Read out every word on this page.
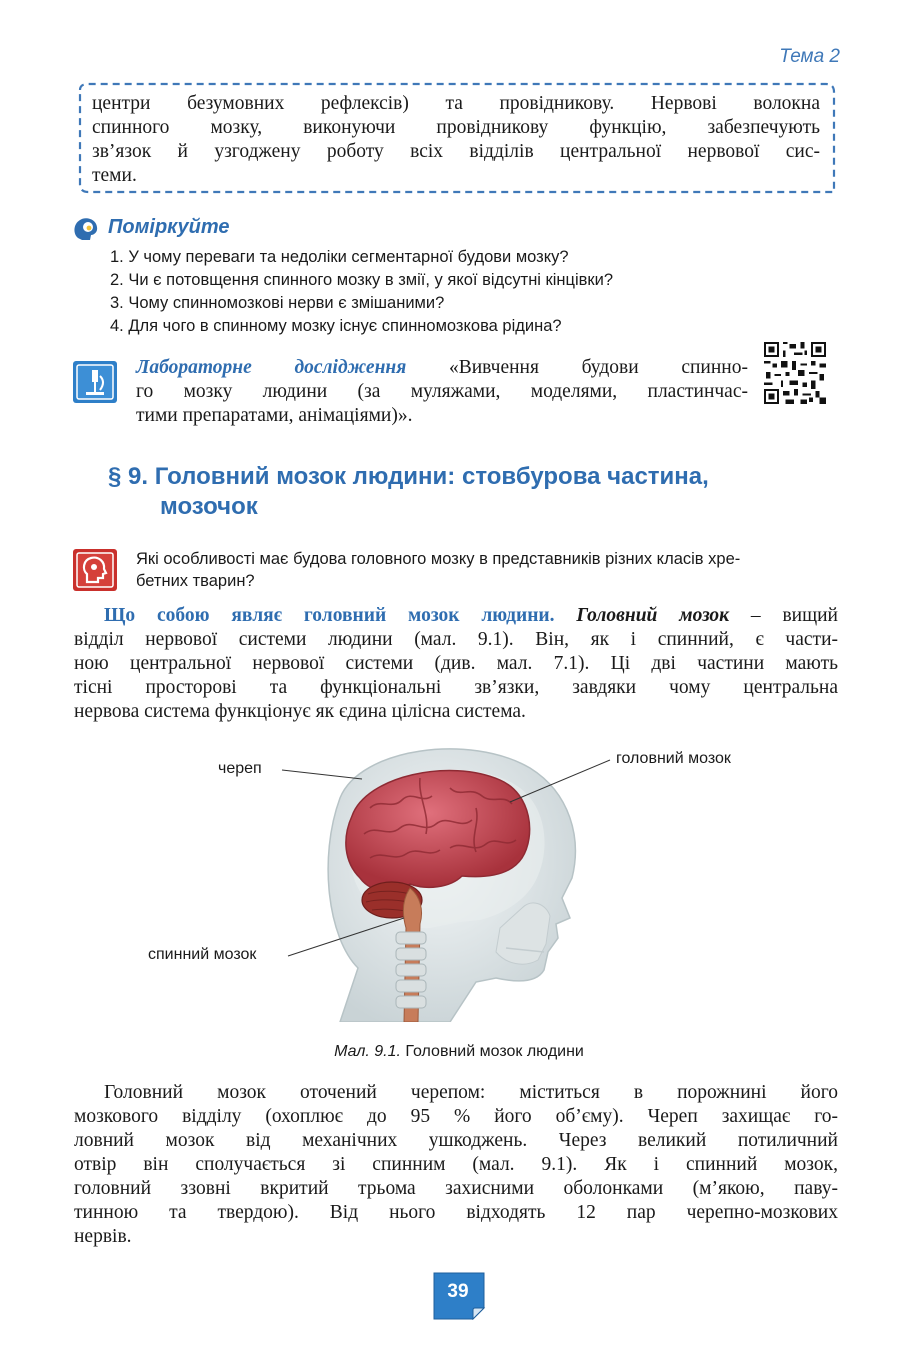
Тема 2
центри безумовних рефлексів) та провідникову. Нервові волокна
спинного мозку, виконуючи провідникову функцію, забезпечують
зв’язок й узгоджену роботу всіх відділів центральної нервової сис-
теми.
Поміркуйте
1. У чому переваги та недоліки сегментарної будови мозку?
2. Чи є потовщення спинного мозку в змії, у якої відсутні кінцівки?
3. Чому спинномозкові нерви є змішаними?
4. Для чого в спинному мозку існує спинномозкова рідина?
Лабораторне дослідження «Вивчення будови спинно-
го мозку людини (за муляжами, моделями, пластинчас-
тими препаратами, анімаціями)».
§ 9. Головний мозок людини: стовбурова частина,
мозочок
Які особливості має будова головного мозку в представників різних класів хре-
бетних тварин?
Що собою являє головний мозок людини. Головний мозок – вищий
відділ нервової системи людини (мал. 9.1). Він, як і спинний, є части-
ною центральної нервової системи (див. мал. 7.1). Ці дві частини мають
тісні просторові та функціональні зв’язки, завдяки чому центральна
нервова система функціонує як єдина цілісна система.
череп
головний мозок
спинний мозок
Мал. 9.1. Головний мозок людини
Головний мозок оточений черепом: міститься в порожнині його
мозкового відділу (охоплює до 95 % його об’єму). Череп захищає го-
ловний мозок від механічних ушкоджень. Через великий потиличний
отвір він сполучається зі спинним (мал. 9.1). Як і спинний мозок,
головний ззовні вкритий трьома захисними оболонками (м’якою, паву-
тинною та твердою). Від нього відходять 12 пар черепно-мозкових
нервів.
39
